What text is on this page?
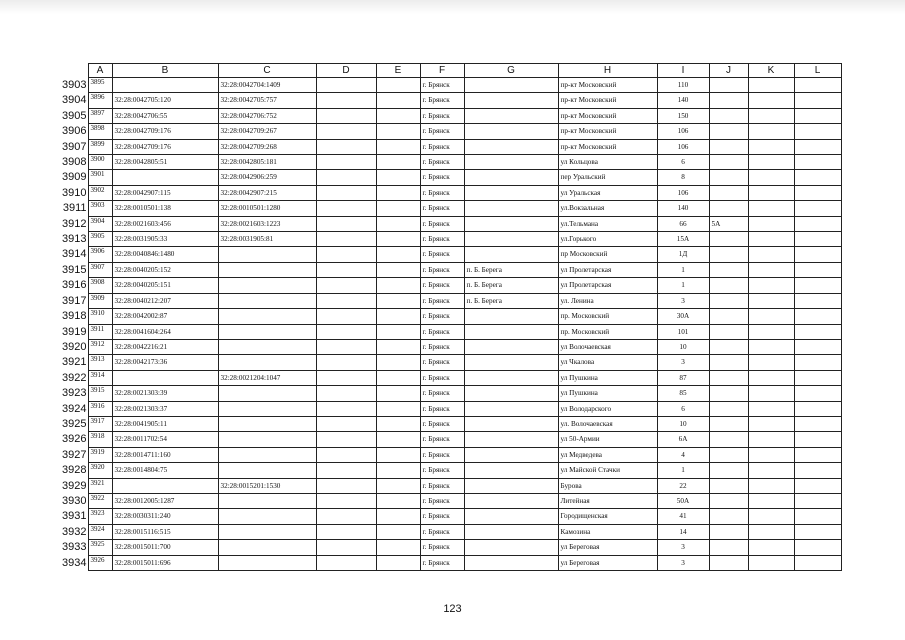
	A	B	C	D	E	F	G	H	I	J	K	L
3903	3895		32:28:0042704:1409			г. Брянск		пр-кт Московский	110			
3904	3896	32:28:0042705:120	32:28:0042705:757			г. Брянск		пр-кт Московский	140			
3905	3897	32:28:0042706:55	32:28:0042706:752			г. Брянск		пр-кт Московский	150			
3906	3898	32:28:0042709:176	32:28:0042709:267			г. Брянск		пр-кт Московский	106			
3907	3899	32:28:0042709:176	32:28:0042709:268			г. Брянск		пр-кт Московский	106			
3908	3900	32:28:0042805:51	32:28:0042805:181			г. Брянск		ул Кольцова	6			
3909	3901		32:28:0042906:259			г. Брянск		пер Уральский	8			
3910	3902	32:28:0042907:115	32:28:0042907:215			г. Брянск		ул Уральская	106			
3911	3903	32:28:0010501:138	32:28:0010501:1280			г. Брянск		ул.Вокзальная	140			
3912	3904	32:28:0021603:456	32:28:0021603:1223			г. Брянск		ул.Тельмана	66	5А		
3913	3905	32:28:0031905:33	32:28:0031905:81			г. Брянск		ул.Горького	15А			
3914	3906	32:28:0040846:1480				г. Брянск		пр Московский	1Д			
3915	3907	32:28:0040205:152				г. Брянск	п. Б. Берега	ул Пролетарская	1			
3916	3908	32:28:0040205:151				г. Брянск	п. Б. Берега	ул Пролетарская	1			
3917	3909	32:28:0040212:207				г. Брянск	п. Б. Берега	ул. Ленина	3			
3918	3910	32:28:0042002:87				г. Брянск		пр. Московский	30А			
3919	3911	32:28:0041604:264				г. Брянск		пр. Московский	101			
3920	3912	32:28:0042216:21				г. Брянск		ул Волочаевская	10			
3921	3913	32:28:0042173:36				г. Брянск		ул Чкалова	3			
3922	3914		32:28:0021204:1047			г. Брянск		ул Пушкина	87			
3923	3915	32:28:0021303:39				г. Брянск		ул Пушкина	85			
3924	3916	32:28:0021303:37				г. Брянск		ул Володарского	6			
3925	3917	32:28:0041905:11				г. Брянск		ул. Волочаевская	10			
3926	3918	32:28:0011702:54				г. Брянск		ул 50-Армии	6А			
3927	3919	32:28:0014711:160				г. Брянск		ул Медведева	4			
3928	3920	32:28:0014804:75				г. Брянск		ул Майской Стачки	1			
3929	3921		32:28:0015201:1530			г. Брянск		Бурова	22			
3930	3922	32:28:0012005:1287				г. Брянск		Литейная	50А			
3931	3923	32:28:0030311:240				г. Брянск		Городищенская	41			
3932	3924	32:28:0015116:515				г. Брянск		Камозина	14			
3933	3925	32:28:0015011:700				г. Брянск		ул Береговая	3			
3934	3926	32:28:0015011:696				г. Брянск		ул Береговая	3			
123
